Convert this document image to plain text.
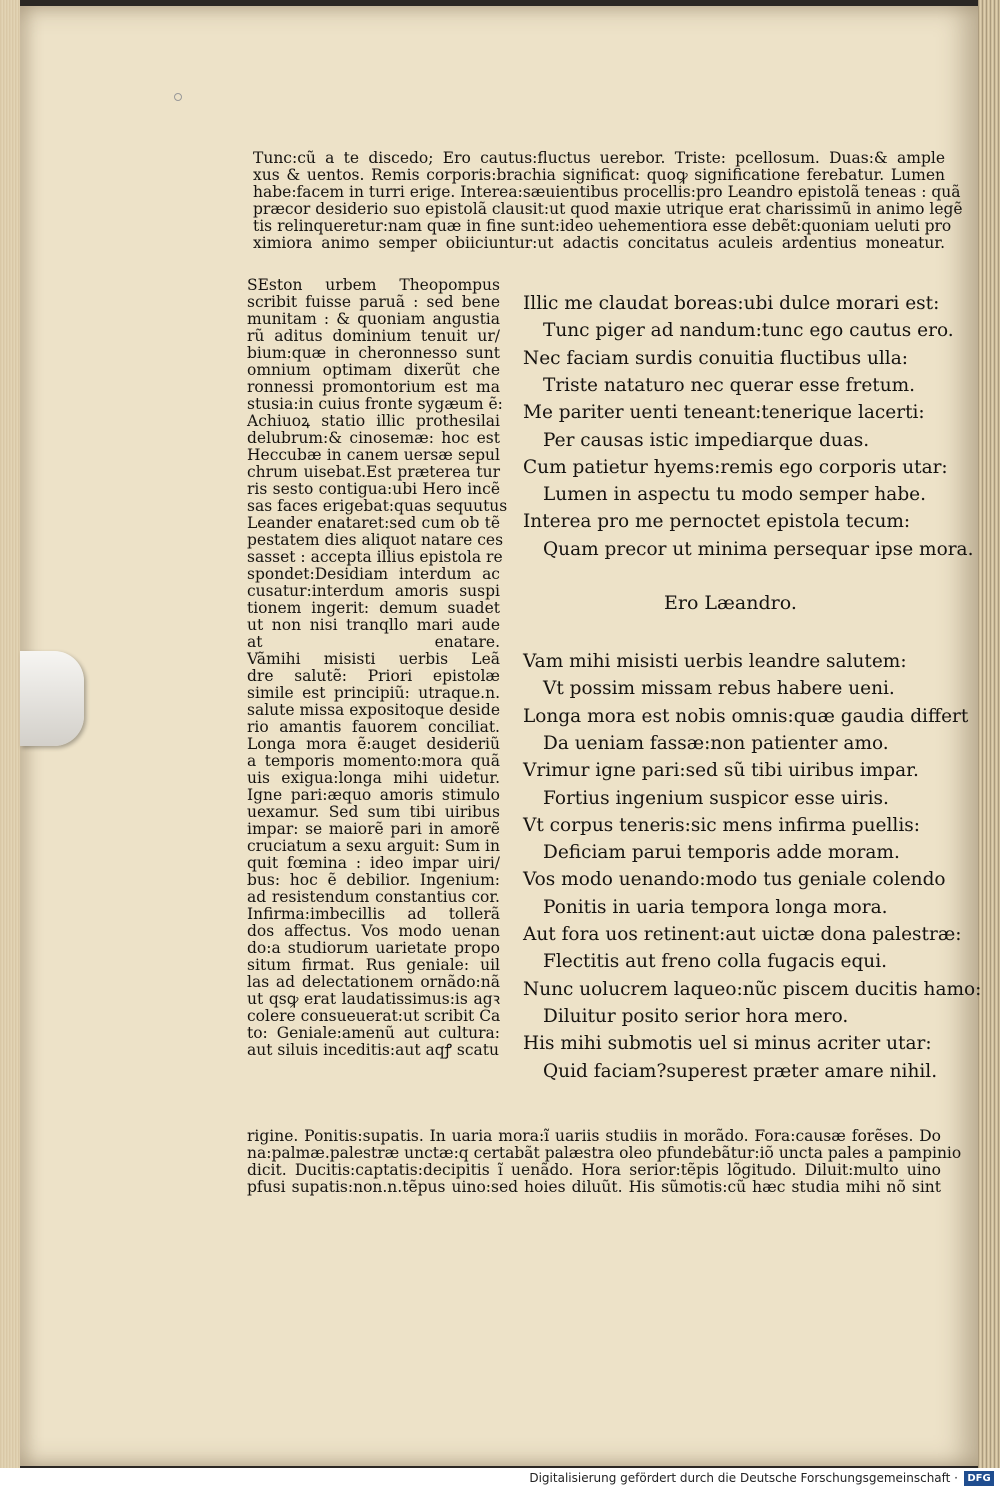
Tunc:cũ a te discedo; Ero cautus:fluctus uerebor. Triste: pcellosum. Duas:& ample
xus & uentos. Remis corporis:brachia significat: quoꝙ significatione ferebatur. Lumen
habe:facem in turri erige. Interea:sæuientibus procellis:pro Leandro epistolã teneas : quã
præcor desiderio suo epistolã clausit:ut quod maxie utrique erat charissimũ in animo legẽ
tis relinqueretur:nam quæ in fine sunt:ideo uehementiora esse debẽt:quoniam ueluti pro
ximiora animo semper obiiciuntur:ut adactis concitatus aculeis ardentius moneatur.
SEston urbem Theopompus
scribit fuisse paruã : sed bene
munitam : & quoniam angustia
rũ aditus dominium tenuit ur/
bium:quæ in cheronnesso sunt
omnium optimam dixerũt che
ronnessi promontorium est ma
stusia:in cuius fronte sygæum ẽ:
Achiuoꝝ statio illic prothesilai
delubrum:& cinosemæ: hoc est
Heccubæ in canem uersæ sepul
chrum uisebat.Est præterea tur
ris sesto contigua:ubi Hero incẽ
sas faces erigebat:quas sequutus
Leander enataret:sed cum ob tẽ
pestatem dies aliquot natare ces
sasset : accepta illius epistola re
spondet:Desidiam interdum ac
cusatur:interdum amoris suspi
tionem ingerit: demum suadet
ut non nisi tranqllo mari aude
at enatare.
Vãmihi misisti uerbis Leã
dre salutẽ: Priori epistolæ
simile est principiũ: utraque.n.
salute missa expositoque deside
rio amantis fauorem conciliat.
Longa mora ẽ:auget desideriũ
a temporis momento:mora quã
uis exigua:longa mihi uidetur.
Igne pari:æquo amoris stimulo
uexamur. Sed sum tibi uiribus
impar: se maiorẽ pari in amorẽ
cruciatum a sexu arguit: Sum in
quit fœmina : ideo impar uiri/
bus: hoc ẽ debilior. Ingenium:
ad resistendum constantius cor.
Infirma:imbecillis ad tollerã
dos affectus. Vos modo uenan
do:a studiorum uarietate propo
situm firmat. Rus geniale: uil
las ad delectationem ornãdo:nã
ut qsꝙ erat laudatissimus:is agꝛ
colere consueuerat:ut scribit Ca
to: Geniale:amenũ aut cultura:
aut siluis inceditis:aut aqꝭ scatu
rigine. Ponitis:supatis. In uaria mora:ĩ uariis studiis in morãdo. Fora:causæ forẽses. Do
na:palmæ.palestræ unctæ:q certabãt palæstra oleo pfundebãtur:iõ uncta pales a pampinio
dicit. Ducitis:captatis:decipitis ĩ uenãdo. Hora serior:tẽpis lõgitudo. Diluit:multo uino
pfusi supatis:non.n.tẽpus uino:sed hoies diluũt. His sũmotis:cũ hæc studia mihi nõ sint
Illic me claudat boreas:ubi dulce morari est:
Tunc piger ad nandum:tunc ego cautus ero.
Nec faciam surdis conuitia fluctibus ulla:
Triste nataturo nec querar esse fretum.
Me pariter uenti teneant:tenerique lacerti:
Per causas istic impediarque duas.
Cum patietur hyems:remis ego corporis utar:
Lumen in aspectu tu modo semper habe.
Interea pro me pernoctet epistola tecum:
Quam precor ut minima persequar ipse mora.
Vam mihi misisti uerbis leandre salutem:
Vt possim missam rebus habere ueni.
Longa mora est nobis omnis:quæ gaudia differt
Da ueniam fassæ:non patienter amo.
Vrimur igne pari:sed sũ tibi uiribus impar.
Fortius ingenium suspicor esse uiris.
Vt corpus teneris:sic mens infirma puellis:
Deficiam parui temporis adde moram.
Vos modo uenando:modo tus geniale colendo
Ponitis in uaria tempora longa mora.
Aut fora uos retinent:aut uictæ dona palestræ:
Flectitis aut freno colla fugacis equi.
Nunc uolucrem laqueo:nũc piscem ducitis hamo:
Diluitur posito serior hora mero.
His mihi submotis uel si minus acriter utar:
Quid faciam?superest præter amare nihil.
Ero Læandro.
Digitalisierung gefördert durch die Deutsche Forschungsgemeinschaft · DFG
